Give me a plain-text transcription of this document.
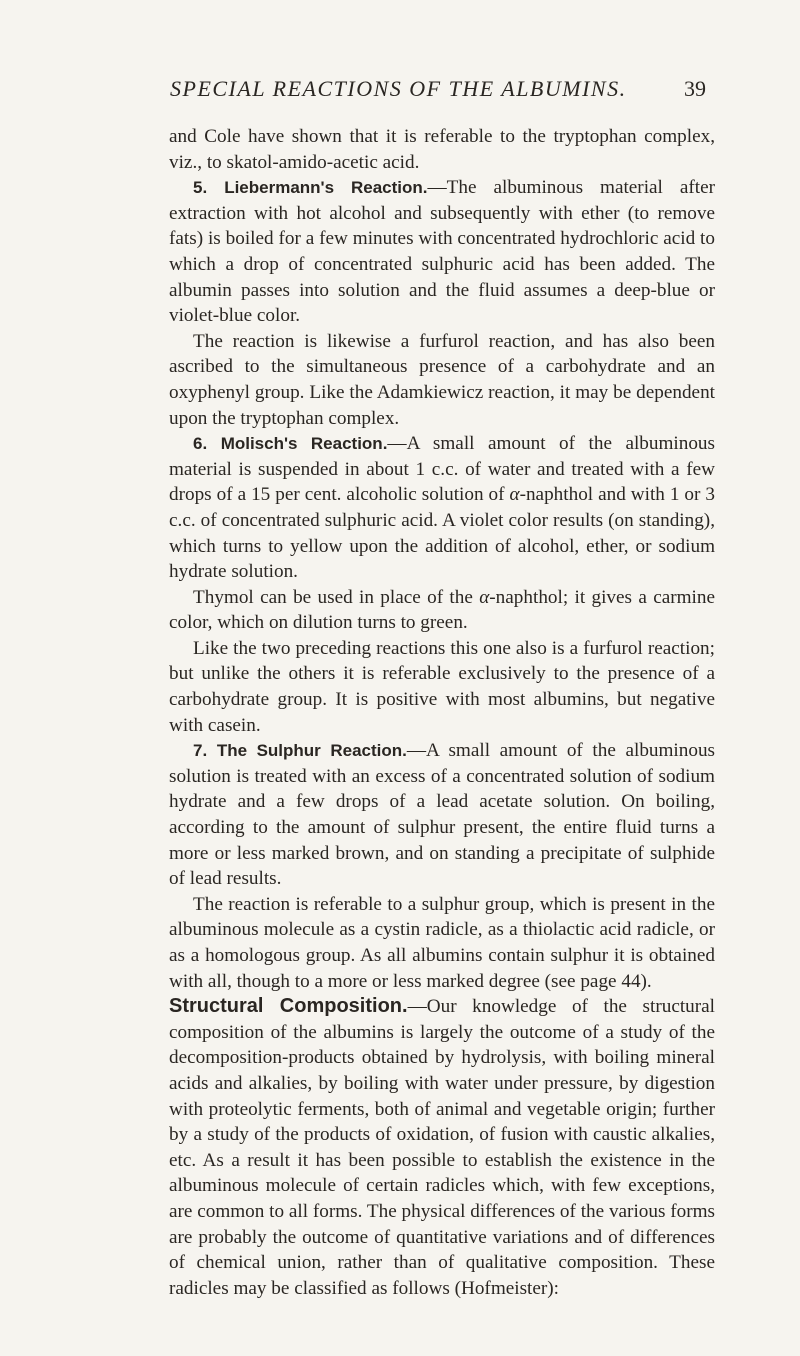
SPECIAL REACTIONS OF THE ALBUMINS.	39

and Cole have shown that it is referable to the tryptophan complex, viz., to skatol-amido-acetic acid.

5. Liebermann's Reaction.—The albuminous material after extraction with hot alcohol and subsequently with ether (to remove fats) is boiled for a few minutes with concentrated hydrochloric acid to which a drop of concentrated sulphuric acid has been added. The albumin passes into solution and the fluid assumes a deep-blue or violet-blue color.

The reaction is likewise a furfurol reaction, and has also been ascribed to the simultaneous presence of a carbohydrate and an oxyphenyl group. Like the Adamkiewicz reaction, it may be dependent upon the tryptophan complex.

6. Molisch's Reaction.—A small amount of the albuminous material is suspended in about 1 c.c. of water and treated with a few drops of a 15 per cent. alcoholic solution of α-naphthol and with 1 or 3 c.c. of concentrated sulphuric acid. A violet color results (on standing), which turns to yellow upon the addition of alcohol, ether, or sodium hydrate solution.

Thymol can be used in place of the α-naphthol; it gives a carmine color, which on dilution turns to green.

Like the two preceding reactions this one also is a furfurol reaction; but unlike the others it is referable exclusively to the presence of a carbohydrate group. It is positive with most albumins, but negative with casein.

7. The Sulphur Reaction.—A small amount of the albuminous solution is treated with an excess of a concentrated solution of sodium hydrate and a few drops of a lead acetate solution. On boiling, according to the amount of sulphur present, the entire fluid turns a more or less marked brown, and on standing a precipitate of sulphide of lead results.

The reaction is referable to a sulphur group, which is present in the albuminous molecule as a cystin radicle, as a thiolactic acid radicle, or as a homologous group. As all albumins contain sulphur it is obtained with all, though to a more or less marked degree (see page 44).

Structural Composition.—Our knowledge of the structural composition of the albumins is largely the outcome of a study of the decomposition-products obtained by hydrolysis, with boiling mineral acids and alkalies, by boiling with water under pressure, by digestion with proteolytic ferments, both of animal and vegetable origin; further by a study of the products of oxidation, of fusion with caustic alkalies, etc. As a result it has been possible to establish the existence in the albuminous molecule of certain radicles which, with few exceptions, are common to all forms. The physical differences of the various forms are probably the outcome of quantitative variations and of differences of chemical union, rather than of qualitative composition. These radicles may be classified as follows (Hofmeister):
